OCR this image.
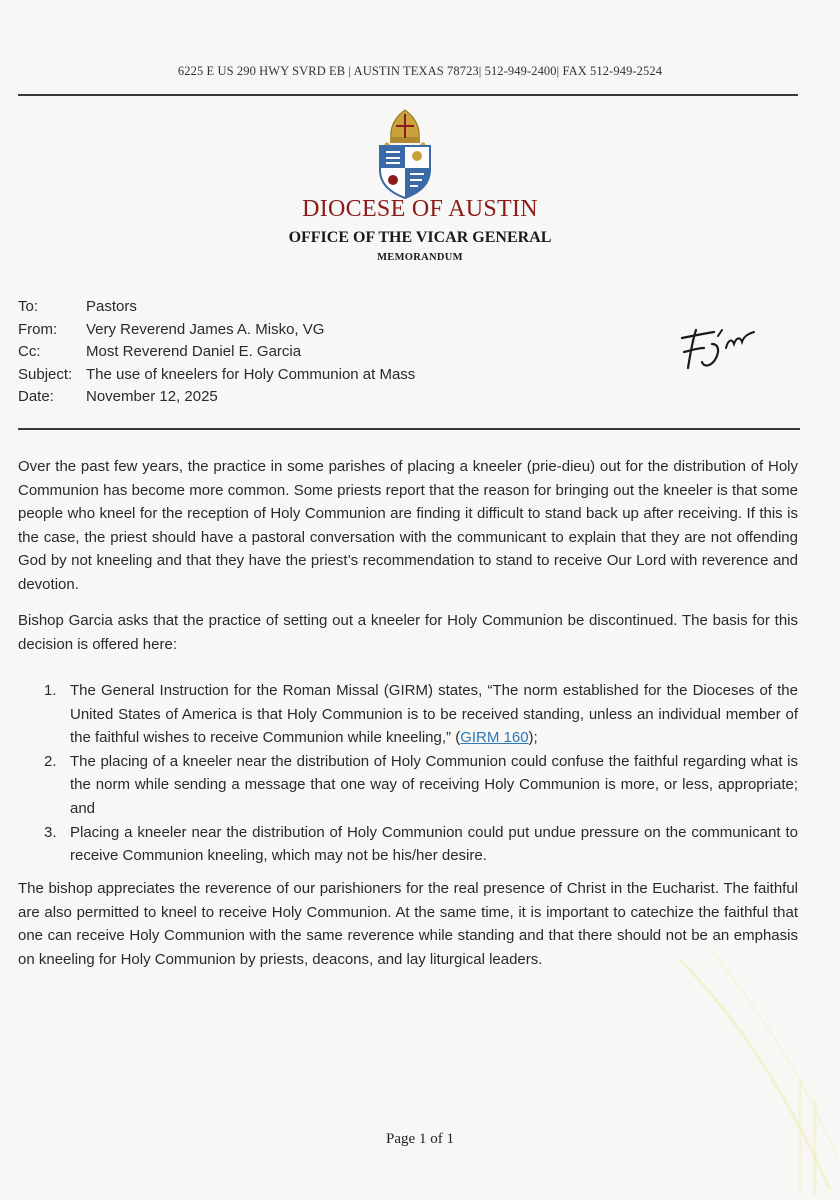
6225 E US 290 HWY SVRD EB | AUSTIN TEXAS 78723| 512-949-2400| FAX 512-949-2524
DIOCESE OF AUSTIN
OFFICE OF THE VICAR GENERAL
MEMORANDUM
To:	Pastors
From:	Very Reverend James A. Misko, VG
Cc:	Most Reverend Daniel E. Garcia
Subject: The use of kneelers for Holy Communion at Mass
Date:	November 12, 2025
Over the past few years, the practice in some parishes of placing a kneeler (prie-dieu) out for the distribution of Holy Communion has become more common. Some priests report that the reason for bringing out the kneeler is that some people who kneel for the reception of Holy Communion are finding it difficult to stand back up after receiving. If this is the case, the priest should have a pastoral conversation with the communicant to explain that they are not offending God by not kneeling and that they have the priest’s recommendation to stand to receive Our Lord with reverence and devotion.
Bishop Garcia asks that the practice of setting out a kneeler for Holy Communion be discontinued. The basis for this decision is offered here:
1. The General Instruction for the Roman Missal (GIRM) states, “The norm established for the Dioceses of the United States of America is that Holy Communion is to be received standing, unless an individual member of the faithful wishes to receive Communion while kneeling,” (GIRM 160);
2. The placing of a kneeler near the distribution of Holy Communion could confuse the faithful regarding what is the norm while sending a message that one way of receiving Holy Communion is more, or less, appropriate; and
3. Placing a kneeler near the distribution of Holy Communion could put undue pressure on the communicant to receive Communion kneeling, which may not be his/her desire.
The bishop appreciates the reverence of our parishioners for the real presence of Christ in the Eucharist. The faithful are also permitted to kneel to receive Holy Communion. At the same time, it is important to catechize the faithful that one can receive Holy Communion with the same reverence while standing and that there should not be an emphasis on kneeling for Holy Communion by priests, deacons, and lay liturgical leaders.
Page 1 of 1
